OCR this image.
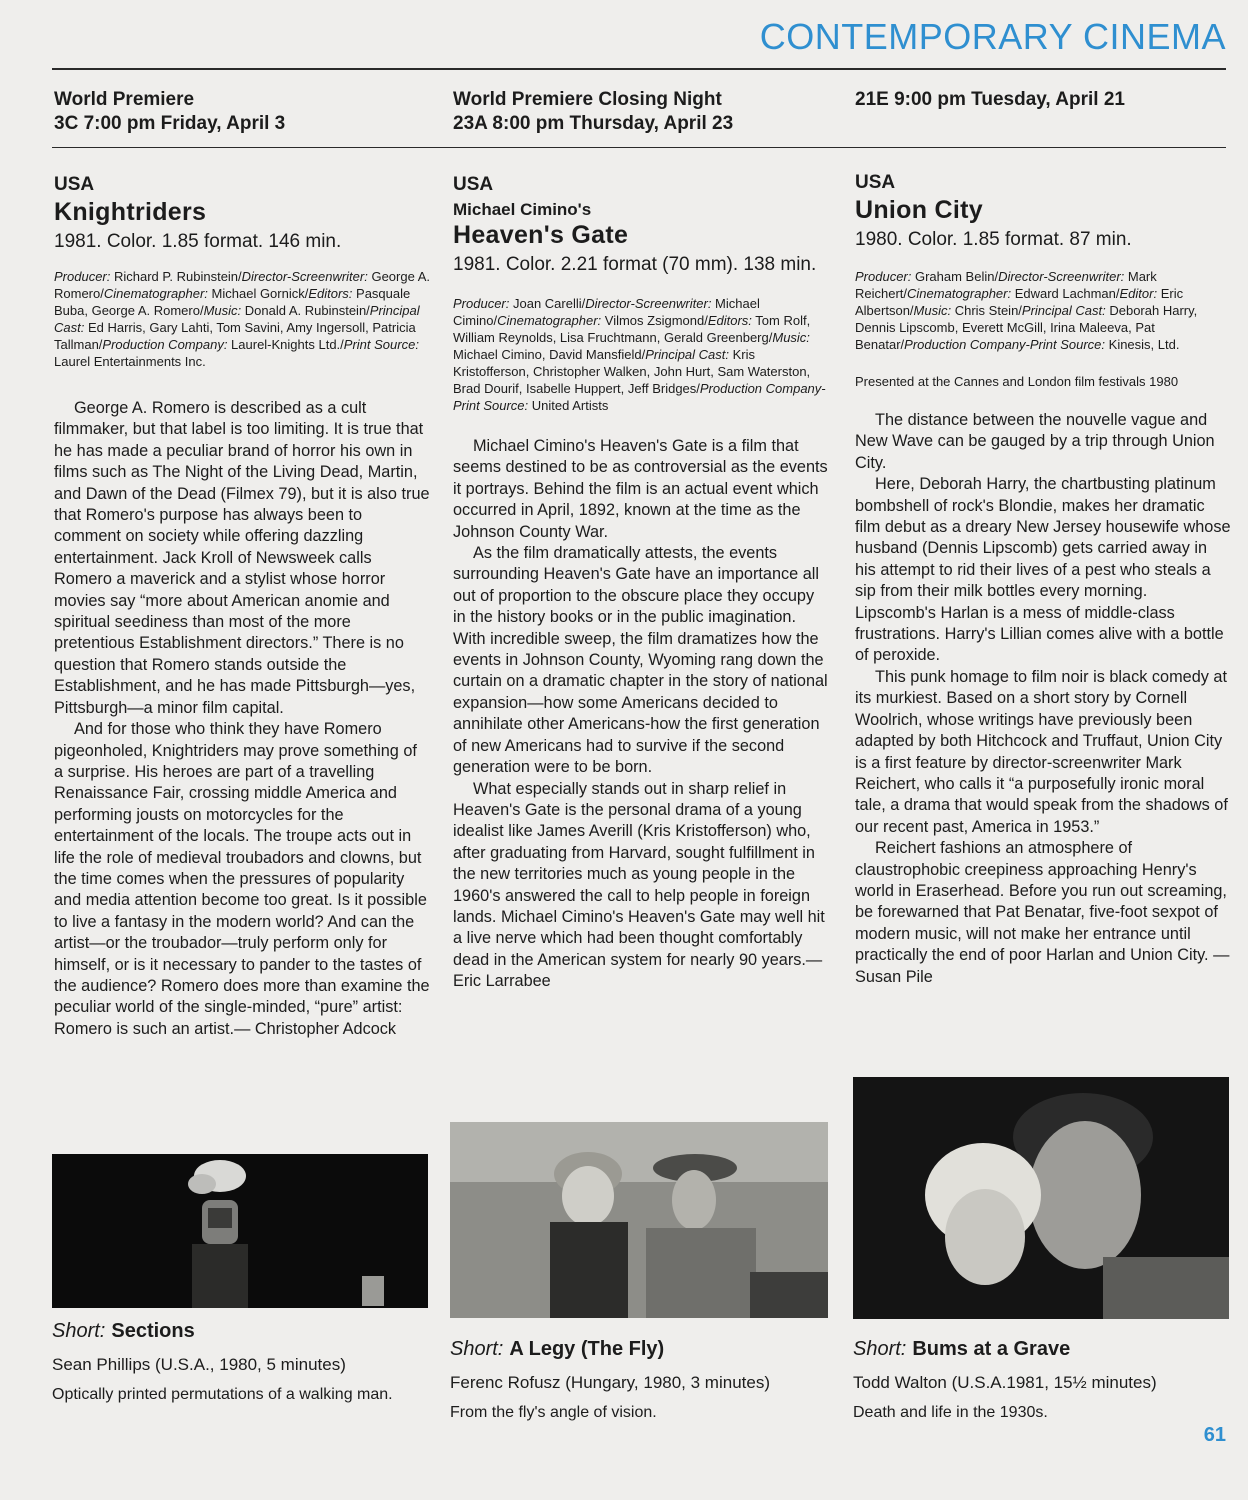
CONTEMPORARY CINEMA
World Premiere
3C 7:00 pm Friday, April 3
USA
Knightriders
1981. Color. 1.85 format. 146 min.
Producer: Richard P. Rubinstein/Director-Screenwriter: George A. Romero/Cinematographer: Michael Gornick/Editors: Pasquale Buba, George A. Romero/Music: Donald A. Rubinstein/Principal Cast: Ed Harris, Gary Lahti, Tom Savini, Amy Ingersoll, Patricia Tallman/Production Company: Laurel-Knights Ltd./Print Source: Laurel Entertainments Inc.

George A. Romero is described as a cult filmmaker, but that label is too limiting. It is true that he has made a peculiar brand of horror his own in films such as The Night of the Living Dead, Martin, and Dawn of the Dead (Filmex 79), but it is also true that Romero's purpose has always been to comment on society while offering dazzling entertainment. Jack Kroll of Newsweek calls Romero a maverick and a stylist whose horror movies say “more about American anomie and spiritual seediness than most of the more pretentious Establishment directors.” There is no question that Romero stands outside the Establishment, and he has made Pittsburgh—yes, Pittsburgh—a minor film capital.

And for those who think they have Romero pigeonholed, Knightriders may prove something of a surprise. His heroes are part of a travelling Renaissance Fair, crossing middle America and performing jousts on motorcycles for the entertainment of the locals. The troupe acts out in life the role of medieval troubadors and clowns, but the time comes when the pressures of popularity and media attention become too great. Is it possible to live a fantasy in the modern world? And can the artist—or the troubador—truly perform only for himself, or is it necessary to pander to the tastes of the audience? Romero does more than examine the peculiar world of the single-minded, “pure” artist: Romero is such an artist.— Christopher Adcock

World Premiere Closing Night
23A 8:00 pm Thursday, April 23
USA
Michael Cimino's
Heaven's Gate
1981. Color. 2.21 format (70 mm). 138 min.
Producer: Joan Carelli/Director-Screenwriter: Michael Cimino/Cinematographer: Vilmos Zsigmond/Editors: Tom Rolf, William Reynolds, Lisa Fruchtmann, Gerald Greenberg/Music: Michael Cimino, David Mansfield/Principal Cast: Kris Kristofferson, Christopher Walken, John Hurt, Sam Waterston, Brad Dourif, Isabelle Huppert, Jeff Bridges/Production Company-Print Source: United Artists

Michael Cimino's Heaven's Gate is a film that seems destined to be as controversial as the events it portrays. Behind the film is an actual event which occurred in April, 1892, known at the time as the Johnson County War.

As the film dramatically attests, the events surrounding Heaven's Gate have an importance all out of proportion to the obscure place they occupy in the history books or in the public imagination. With incredible sweep, the film dramatizes how the events in Johnson County, Wyoming rang down the curtain on a dramatic chapter in the story of national expansion—how some Americans decided to annihilate other Americans-how the first generation of new Americans had to survive if the second generation were to be born.

What especially stands out in sharp relief in Heaven's Gate is the personal drama of a young idealist like James Averill (Kris Kristofferson) who, after graduating from Harvard, sought fulfillment in the new territories much as young people in the 1960's answered the call to help people in foreign lands. Michael Cimino's Heaven's Gate may well hit a live nerve which had been thought comfortably dead in the American system for nearly 90 years.—Eric Larrabee

21E 9:00 pm Tuesday, April 21
USA
Union City
1980. Color. 1.85 format. 87 min.
Producer: Graham Belin/Director-Screenwriter: Mark Reichert/Cinematographer: Edward Lachman/Editor: Eric Albertson/Music: Chris Stein/Principal Cast: Deborah Harry, Dennis Lipscomb, Everett McGill, Irina Maleeva, Pat Benatar/Production Company-Print Source: Kinesis, Ltd.
Presented at the Cannes and London film festivals 1980

The distance between the nouvelle vague and New Wave can be gauged by a trip through Union City.

Here, Deborah Harry, the chartbusting platinum bombshell of rock's Blondie, makes her dramatic film debut as a dreary New Jersey housewife whose husband (Dennis Lipscomb) gets carried away in his attempt to rid their lives of a pest who steals a sip from their milk bottles every morning. Lipscomb's Harlan is a mess of middle-class frustrations. Harry's Lillian comes alive with a bottle of peroxide.

This punk homage to film noir is black comedy at its murkiest. Based on a short story by Cornell Woolrich, whose writings have previously been adapted by both Hitchcock and Truffaut, Union City is a first feature by director-screenwriter Mark Reichert, who calls it “a purposefully ironic moral tale, a drama that would speak from the shadows of our recent past, America in 1953.”

Reichert fashions an atmosphere of claustrophobic creepiness approaching Henry's world in Eraserhead. Before you run out screaming, be forewarned that Pat Benatar, five-foot sexpot of modern music, will not make her entrance until practically the end of poor Harlan and Union City. —Susan Pile

Short: Sections
Sean Phillips (U.S.A., 1980, 5 minutes)
Optically printed permutations of a walking man.
Short: A Legy (The Fly)
Ferenc Rofusz (Hungary, 1980, 3 minutes)
From the fly's angle of vision.
Short: Bums at a Grave
Todd Walton (U.S.A.1981, 15½ minutes)
Death and life in the 1930s.
61
